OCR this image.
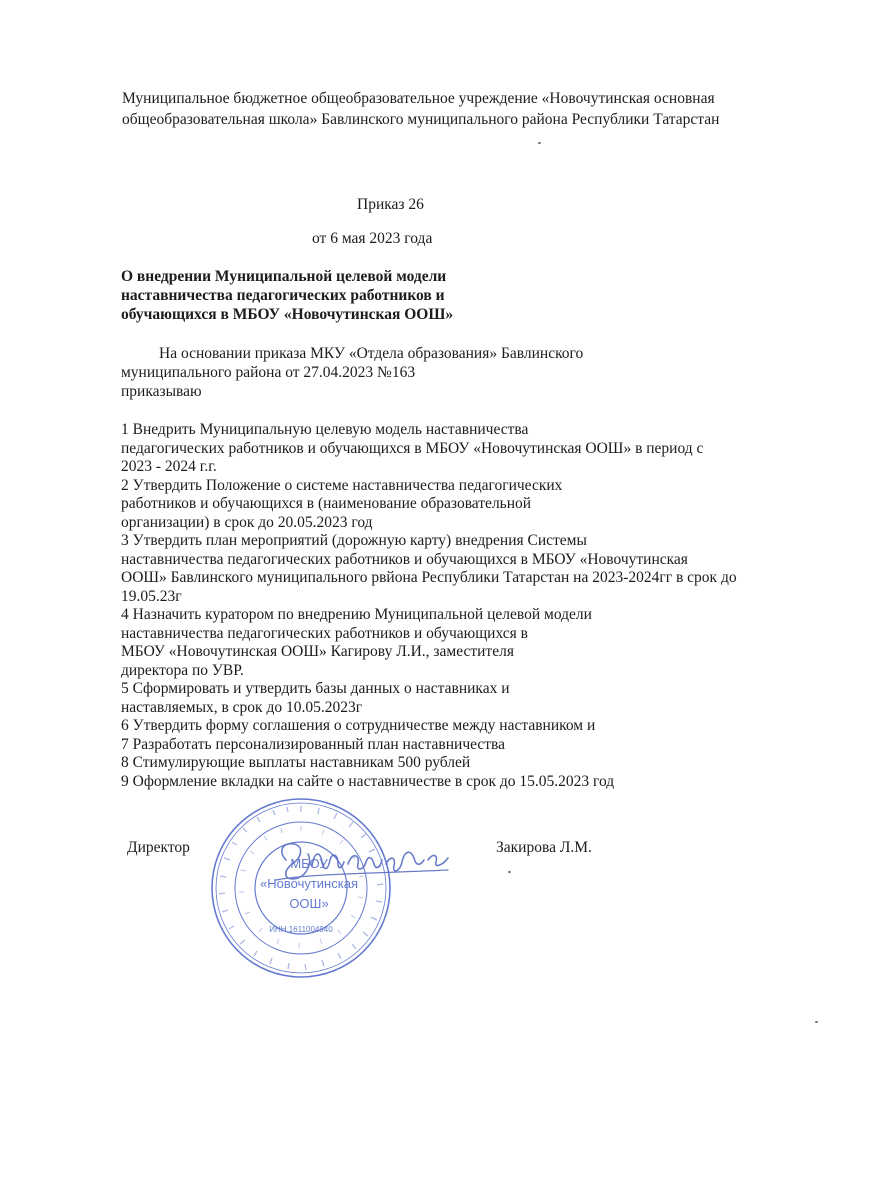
Муниципальное бюджетное общеобразовательное учреждение «Новочутинская основная
общеобразовательная школа» Бавлинского муниципального района Республики Татарстан

Приказ 26

от 6 мая 2023 года

О внедрении Муниципальной целевой модели
наставничества педагогических работников и
обучающихся в МБОУ «Новочутинская ООШ»
На основании приказа МКУ «Отдела образования» Бавлинского
муниципального района от 27.04.2023 №163
приказываю
1 Внедрить Муниципальную целевую модель наставничества
педагогических работников и обучающихся в МБОУ «Новочутинская ООШ» в период с
2023 - 2024 г.г.
2 Утвердить Положение о системе наставничества педагогических
работников и обучающихся в (наименование образовательной
организации) в срок до 20.05.2023 год
3 Утвердить план мероприятий (дорожную карту) внедрения Системы
наставничества педагогических работников и обучающихся в МБОУ «Новочутинская
ООШ» Бавлинского муниципального рвйона Республики Татарстан на 2023-2024гг в срок до
19.05.23г
4 Назначить куратором по внедрению Муниципальной целевой модели
наставничества педагогических работников и обучающихся в
МБОУ «Новочутинская ООШ» Кагирову Л.И., заместителя
директора по УВР.
5 Сформировать и утвердить базы данных о наставниках и
наставляемых, в срок до 10.05.2023г
6 Утвердить форму соглашения о сотрудничестве между наставником и
7 Разработать персонализированный план наставничества
8 Стимулирующие выплаты наставникам 500 рублей
9 Оформление вкладки на сайте о наставничестве в срок до 15.05.2023 год

Директор	Закирова Л.М.

МБОУ
«Новочутинская
ООШ»
ИНН 1611004940
